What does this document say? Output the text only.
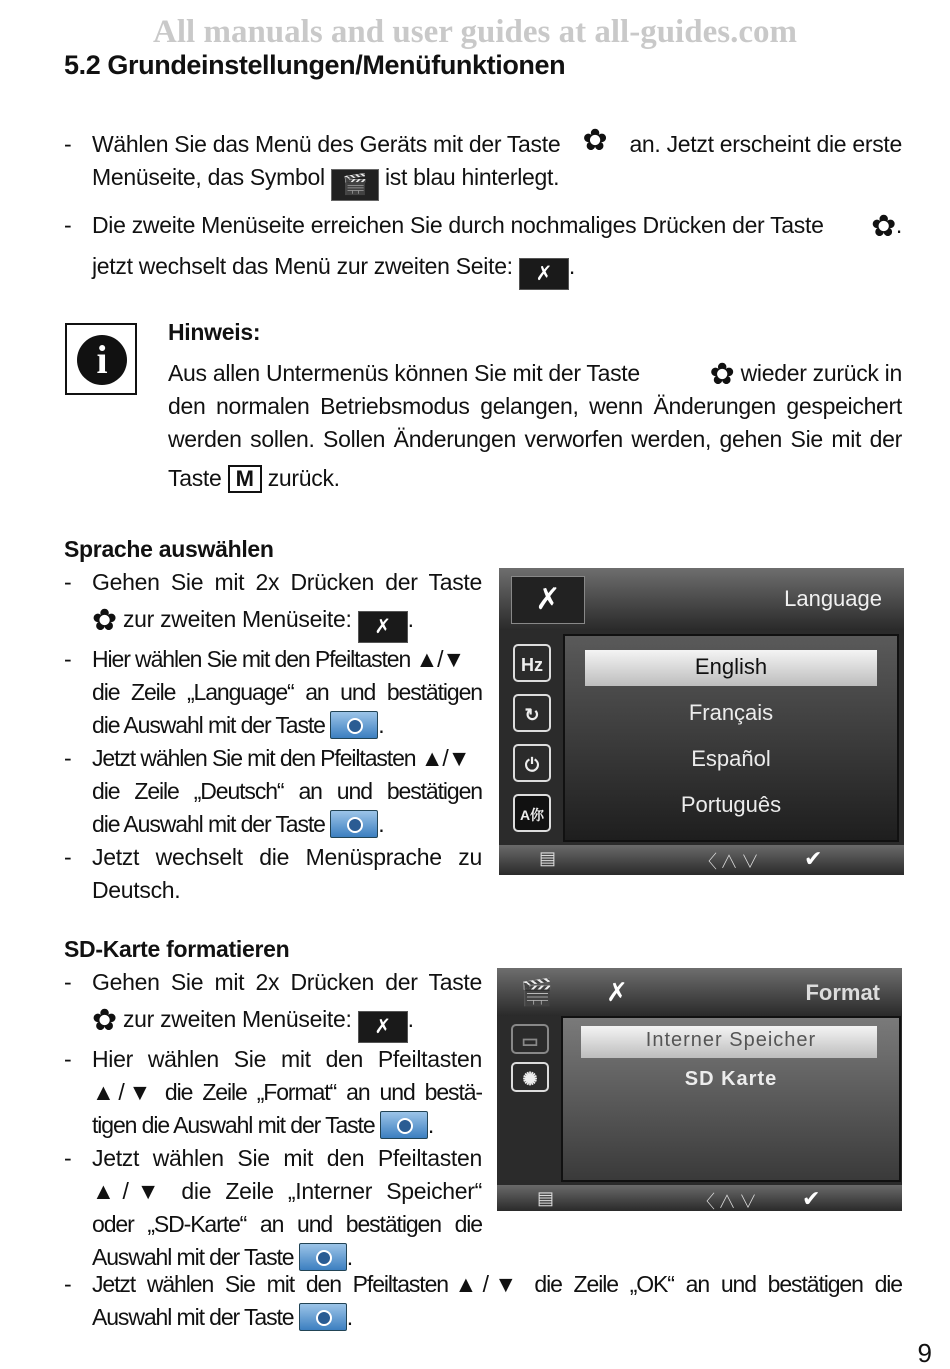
All manuals and user guides at all-guides.com
5.2 Grundeinstellungen/Menüfunktionen
- Wählen Sie das Menü des Geräts mit der Taste ✿ an. Jetzt erscheint die erste
Menüseite, das Symbol 🎬 ist blau hinterlegt.
- Die zweite Menüseite erreichen Sie durch nochmaliges Drücken der Taste ✿.
jetzt wechselt das Menü zur zweiten Seite: ✗ .
i
Hinweis:
Aus allen Untermenüs können Sie mit der Taste ✿ wieder zurück in
den normalen Betriebsmodus gelangen, wenn Änderungen gespeichert
werden sollen. Sollen Änderungen verworfen werden, gehen Sie mit der
Taste M zurück.
Sprache auswählen
- Gehen Sie mit 2x Drücken der Taste
✿ zur zweiten Menüseite: ✗ .
- Hier wählen Sie mit den Pfeiltasten ▲/▼
die Zeile „Language“ an und bestätigen
die Auswahl mit der Taste .
- Jetzt wählen Sie mit den Pfeiltasten ▲/▼
die Zeile „Deutsch“ an und bestätigen
die Auswahl mit der Taste .
- Jetzt wechselt die Menüsprache zu
Deutsch.
✗	Language
Hz
↻
⏻
A你
English
Français
Español
Português
▤	〈∧∨ ✔
SD-Karte formatieren
- Gehen Sie mit 2x Drücken der Taste
✿ zur zweiten Menüseite: ✗ .
- Hier wählen Sie mit den Pfeiltasten
▲/▼ die Zeile „Format“ an und bestä-
tigen die Auswahl mit der Taste .
- Jetzt wählen Sie mit den Pfeiltasten
▲/▼ die Zeile „Interner Speicher“
oder „SD-Karte“ an und bestätigen die
Auswahl mit der Taste .
- Jetzt wählen Sie mit den Pfeiltasten▲/▼ die Zeile „OK“ an und bestätigen die
Auswahl mit der Taste .
🎬	✗	Format
▭
✺
Interner Speicher
SD Karte
▤	〈∧∨ ✔
9
